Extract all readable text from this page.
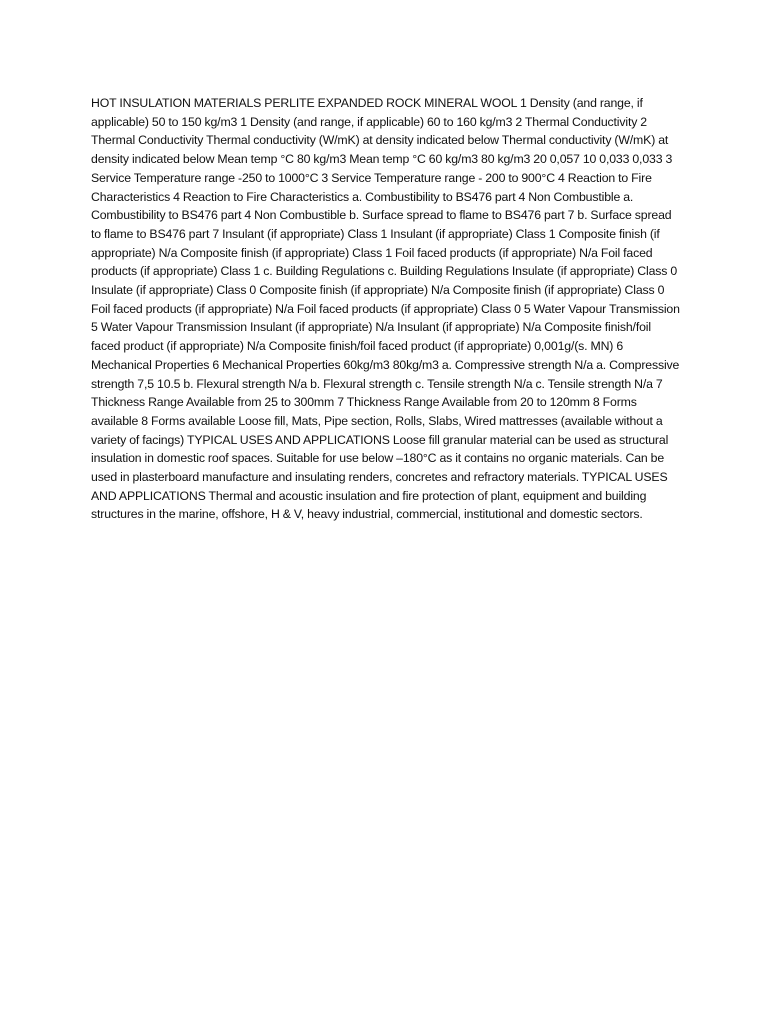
HOT INSULATION MATERIALS PERLITE EXPANDED ROCK MINERAL WOOL 1 Density (and range, if applicable) 50 to 150 kg/m3 1 Density (and range, if applicable) 60 to 160 kg/m3 2 Thermal Conductivity 2 Thermal Conductivity Thermal conductivity (W/mK) at density indicated below Thermal conductivity (W/mK) at density indicated below Mean temp °C 80 kg/m3 Mean temp °C 60 kg/m3 80 kg/m3 20 0,057 10 0,033 0,033 3 Service Temperature range -250 to 1000°C 3 Service Temperature range - 200 to 900°C 4 Reaction to Fire Characteristics 4 Reaction to Fire Characteristics a. Combustibility to BS476 part 4 Non Combustible a. Combustibility to BS476 part 4 Non Combustible b. Surface spread to flame to BS476 part 7 b. Surface spread to flame to BS476 part 7 Insulant (if appropriate) Class 1 Insulant (if appropriate) Class 1 Composite finish (if appropriate) N/a Composite finish (if appropriate) Class 1 Foil faced products (if appropriate) N/a Foil faced products (if appropriate) Class 1 c. Building Regulations c. Building Regulations Insulate (if appropriate) Class 0 Insulate (if appropriate) Class 0 Composite finish (if appropriate) N/a Composite finish (if appropriate) Class 0 Foil faced products (if appropriate) N/a Foil faced products (if appropriate) Class 0 5 Water Vapour Transmission 5 Water Vapour Transmission Insulant (if appropriate) N/a Insulant (if appropriate) N/a Composite finish/foil faced product (if appropriate) N/a Composite finish/foil faced product (if appropriate) 0,001g/(s. MN) 6 Mechanical Properties 6 Mechanical Properties 60kg/m3 80kg/m3 a. Compressive strength N/a a. Compressive strength 7,5 10.5 b. Flexural strength N/a b. Flexural strength c. Tensile strength N/a c. Tensile strength N/a 7 Thickness Range Available from 25 to 300mm 7 Thickness Range Available from 20 to 120mm 8 Forms available 8 Forms available Loose fill, Mats, Pipe section, Rolls, Slabs, Wired mattresses (available without a variety of facings) TYPICAL USES AND APPLICATIONS Loose fill granular material can be used as structural insulation in domestic roof spaces. Suitable for use below –180°C as it contains no organic materials. Can be used in plasterboard manufacture and insulating renders, concretes and refractory materials. TYPICAL USES AND APPLICATIONS Thermal and acoustic insulation and fire protection of plant, equipment and building structures in the marine, offshore, H & V, heavy industrial, commercial, institutional and domestic sectors.
